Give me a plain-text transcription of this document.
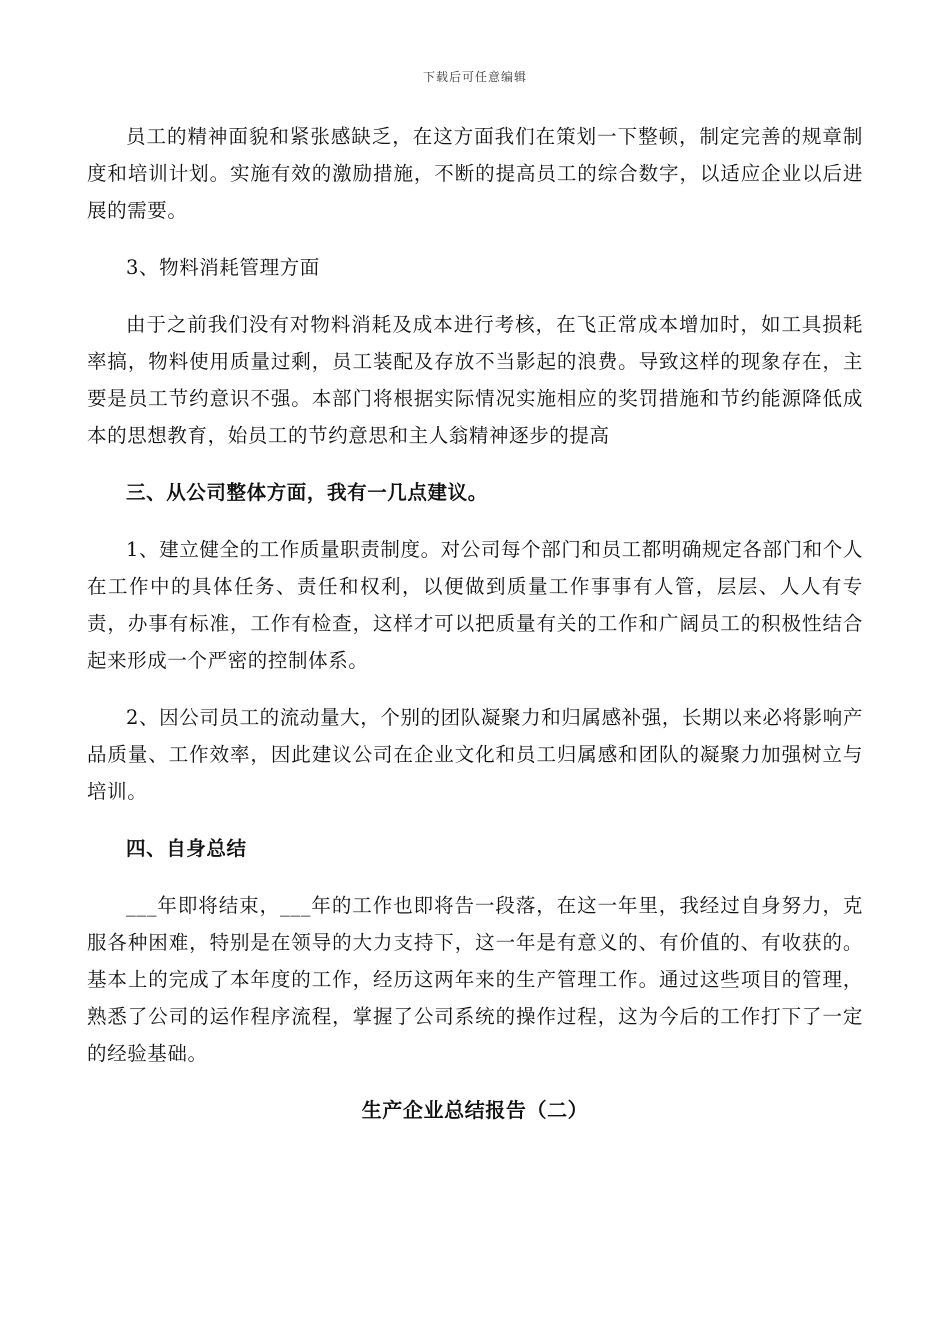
下载后可任意编辑

员工的精神面貌和紧张感缺乏，在这方面我们在策划一下整顿，制定完善的规章制度和培训计划。实施有效的激励措施，不断的提高员工的综合数字，以适应企业以后进展的需要。

3、物料消耗管理方面

由于之前我们没有对物料消耗及成本进行考核，在飞正常成本增加时，如工具损耗率搞，物料使用质量过剩，员工装配及存放不当影起的浪费。导致这样的现象存在，主要是员工节约意识不强。本部门将根据实际情况实施相应的奖罚措施和节约能源降低成本的思想教育，始员工的节约意思和主人翁精神逐步的提高

三、从公司整体方面，我有一几点建议。

1、建立健全的工作质量职责制度。对公司每个部门和员工都明确规定各部门和个人在工作中的具体任务、责任和权利，以便做到质量工作事事有人管，层层、人人有专责，办事有标准，工作有检查，这样才可以把质量有关的工作和广阔员工的积极性结合起来形成一个严密的控制体系。

2、因公司员工的流动量大，个别的团队凝聚力和归属感补强，长期以来必将影响产品质量、工作效率，因此建议公司在企业文化和员工归属感和团队的凝聚力加强树立与培训。

四、自身总结

___年即将结束，___年的工作也即将告一段落，在这一年里，我经过自身努力，克服各种困难，特别是在领导的大力支持下，这一年是有意义的、有价值的、有收获的。基本上的完成了本年度的工作，经历这两年来的生产管理工作。通过这些项目的管理，熟悉了公司的运作程序流程，掌握了公司系统的操作过程，这为今后的工作打下了一定的经验基础。

生产企业总结报告（二）
